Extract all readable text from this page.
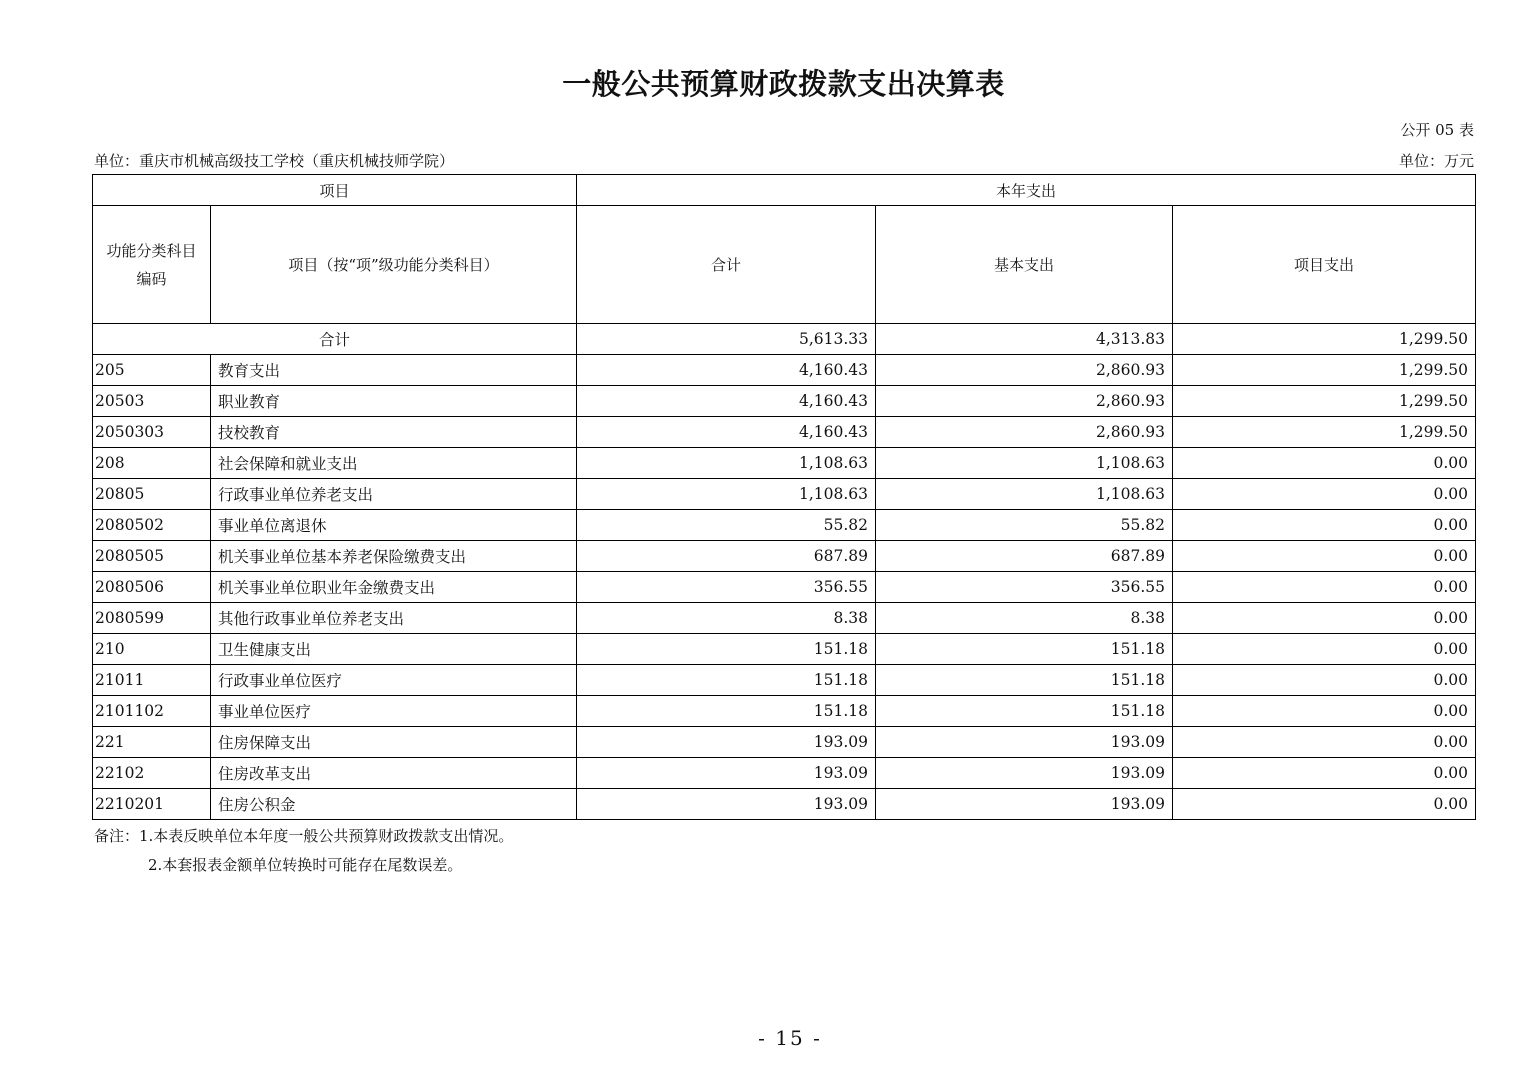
一般公共预算财政拨款支出决算表
公开 05 表
单位：重庆市机械高级技工学校（重庆机械技师学院）	单位：万元
项目		本年支出		
功能分类科目编码	项目（按“项”级功能分类科目）	合计	基本支出	项目支出
合计		5,613.33	4,313.83	1,299.50
205	教育支出	4,160.43	2,860.93	1,299.50
20503	职业教育	4,160.43	2,860.93	1,299.50
2050303	技校教育	4,160.43	2,860.93	1,299.50
208	社会保障和就业支出	1,108.63	1,108.63	0.00
20805	行政事业单位养老支出	1,108.63	1,108.63	0.00
2080502	事业单位离退休	55.82	55.82	0.00
2080505	机关事业单位基本养老保险缴费支出	687.89	687.89	0.00
2080506	机关事业单位职业年金缴费支出	356.55	356.55	0.00
2080599	其他行政事业单位养老支出	8.38	8.38	0.00
210	卫生健康支出	151.18	151.18	0.00
21011	行政事业单位医疗	151.18	151.18	0.00
2101102	事业单位医疗	151.18	151.18	0.00
221	住房保障支出	193.09	193.09	0.00
22102	住房改革支出	193.09	193.09	0.00
2210201	住房公积金	193.09	193.09	0.00
备注：1.本表反映单位本年度一般公共预算财政拨款支出情况。
2.本套报表金额单位转换时可能存在尾数误差。
- 15 -
